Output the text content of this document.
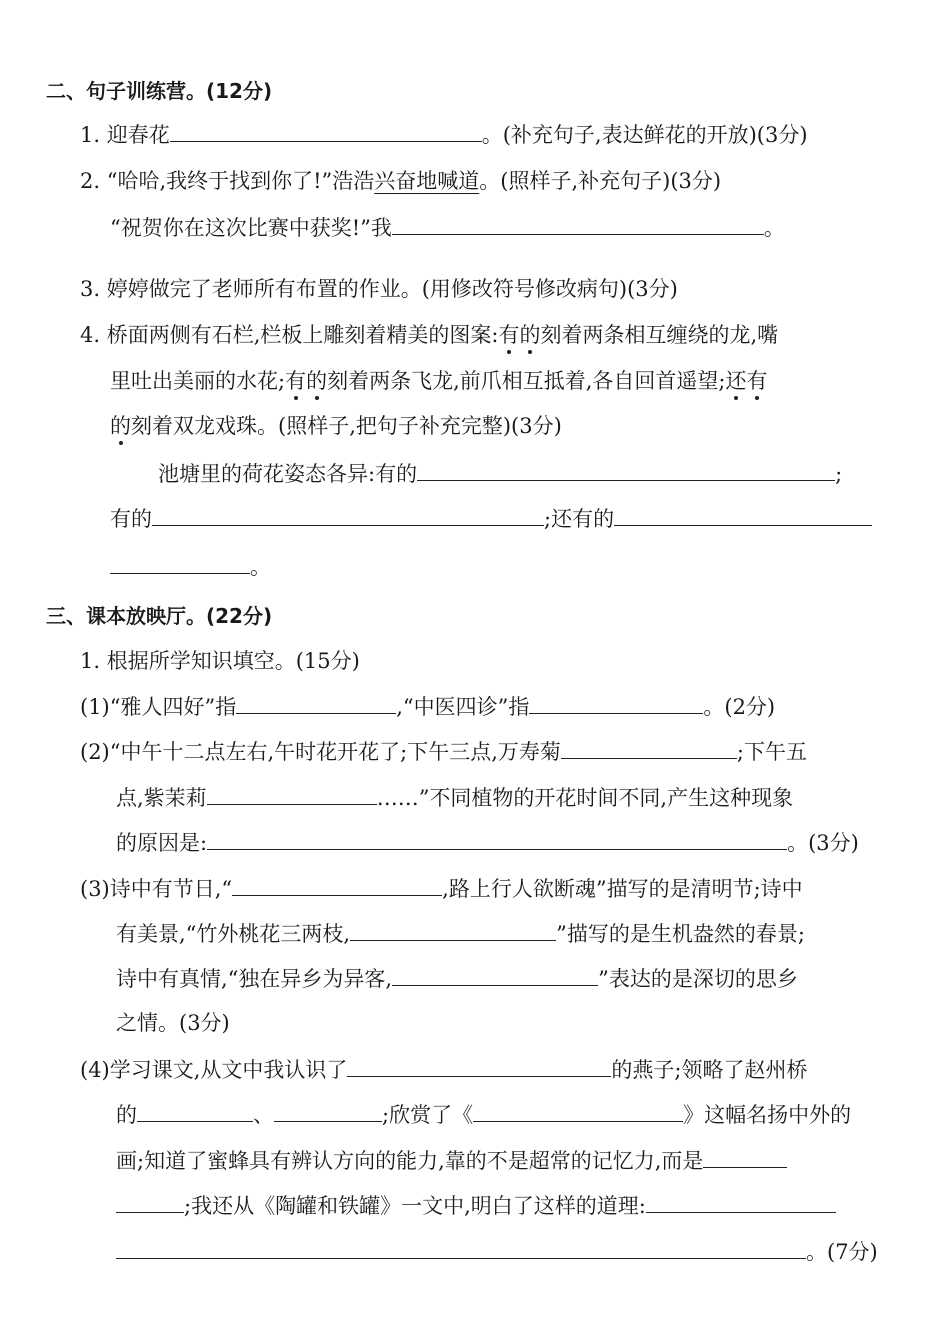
二、句子训练营。(12分)
1. 迎春花	。(补充句子,表达鲜花的开放)(3分)
2. “哈哈,我终于找到你了!”浩浩兴奋地喊道。(照样子,补充句子)(3分)
“祝贺你在这次比赛中获奖!”我	。
3. 婷婷做完了老师所有布置的作业。(用修改符号修改病句)(3分)
4. 桥面两侧有石栏,栏板上雕刻着精美的图案:有的刻着两条相互缠绕的龙,嘴
里吐出美丽的水花;有的刻着两条飞龙,前爪相互抵着,各自回首遥望;还有
的刻着双龙戏珠。(照样子,把句子补充完整)(3分)
池塘里的荷花姿态各异:有的	;
有的	;还有的
。
三、课本放映厅。(22分)
1. 根据所学知识填空。(15分)
(1)“雅人四好”指	,“中医四诊”指	。(2分)
(2)“中午十二点左右,午时花开花了;下午三点,万寿菊	;下午五
点,紫茉莉	……”不同植物的开花时间不同,产生这种现象
的原因是:	。(3分)
(3)诗中有节日,“	,路上行人欲断魂”描写的是清明节;诗中
有美景,“竹外桃花三两枝,	”描写的是生机盎然的春景;
诗中有真情,“独在异乡为异客,	”表达的是深切的思乡
之情。(3分)
(4)学习课文,从文中我认识了	的燕子;领略了赵州桥
的	、	;欣赏了《	》这幅名扬中外的
画;知道了蜜蜂具有辨认方向的能力,靠的不是超常的记忆力,而是
;我还从《陶罐和铁罐》一文中,明白了这样的道理:
。(7分)
